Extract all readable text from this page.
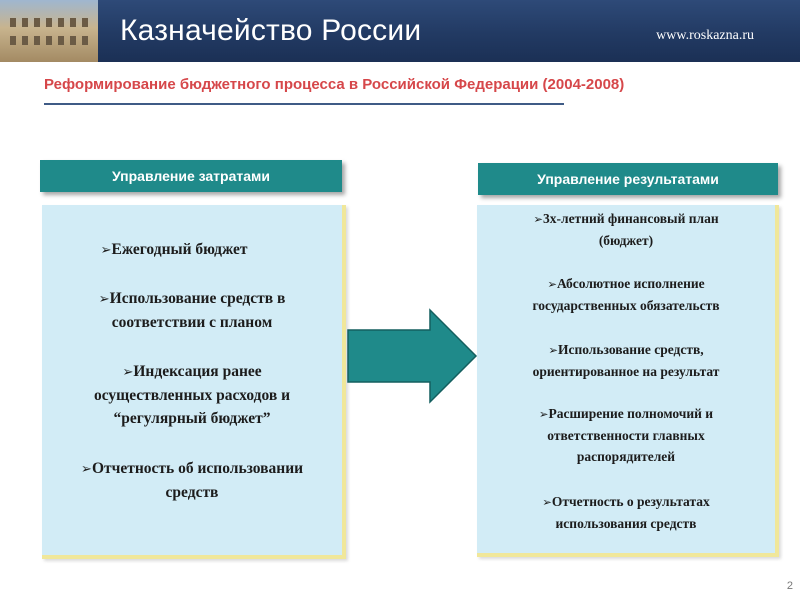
Казначейство России	www.roskazna.ru
Реформирование бюджетного процесса в Российской Федерации (2004-2008)
Управление затратами	Управление результатами
➢Ежегодный бюджет
➢Использование средств в
соответствии с планом
➢Индексация ранее
осуществленных расходов и
“регулярный бюджет”
➢Отчетность об использовании
средств
➢3х-летний финансовый план
(бюджет)
➢Абсолютное исполнение
государственных обязательств
➢Использование средств,
ориентированное на результат
➢Расширение полномочий и
ответственности главных
распорядителей
➢Отчетность о результатах
использования средств
2
